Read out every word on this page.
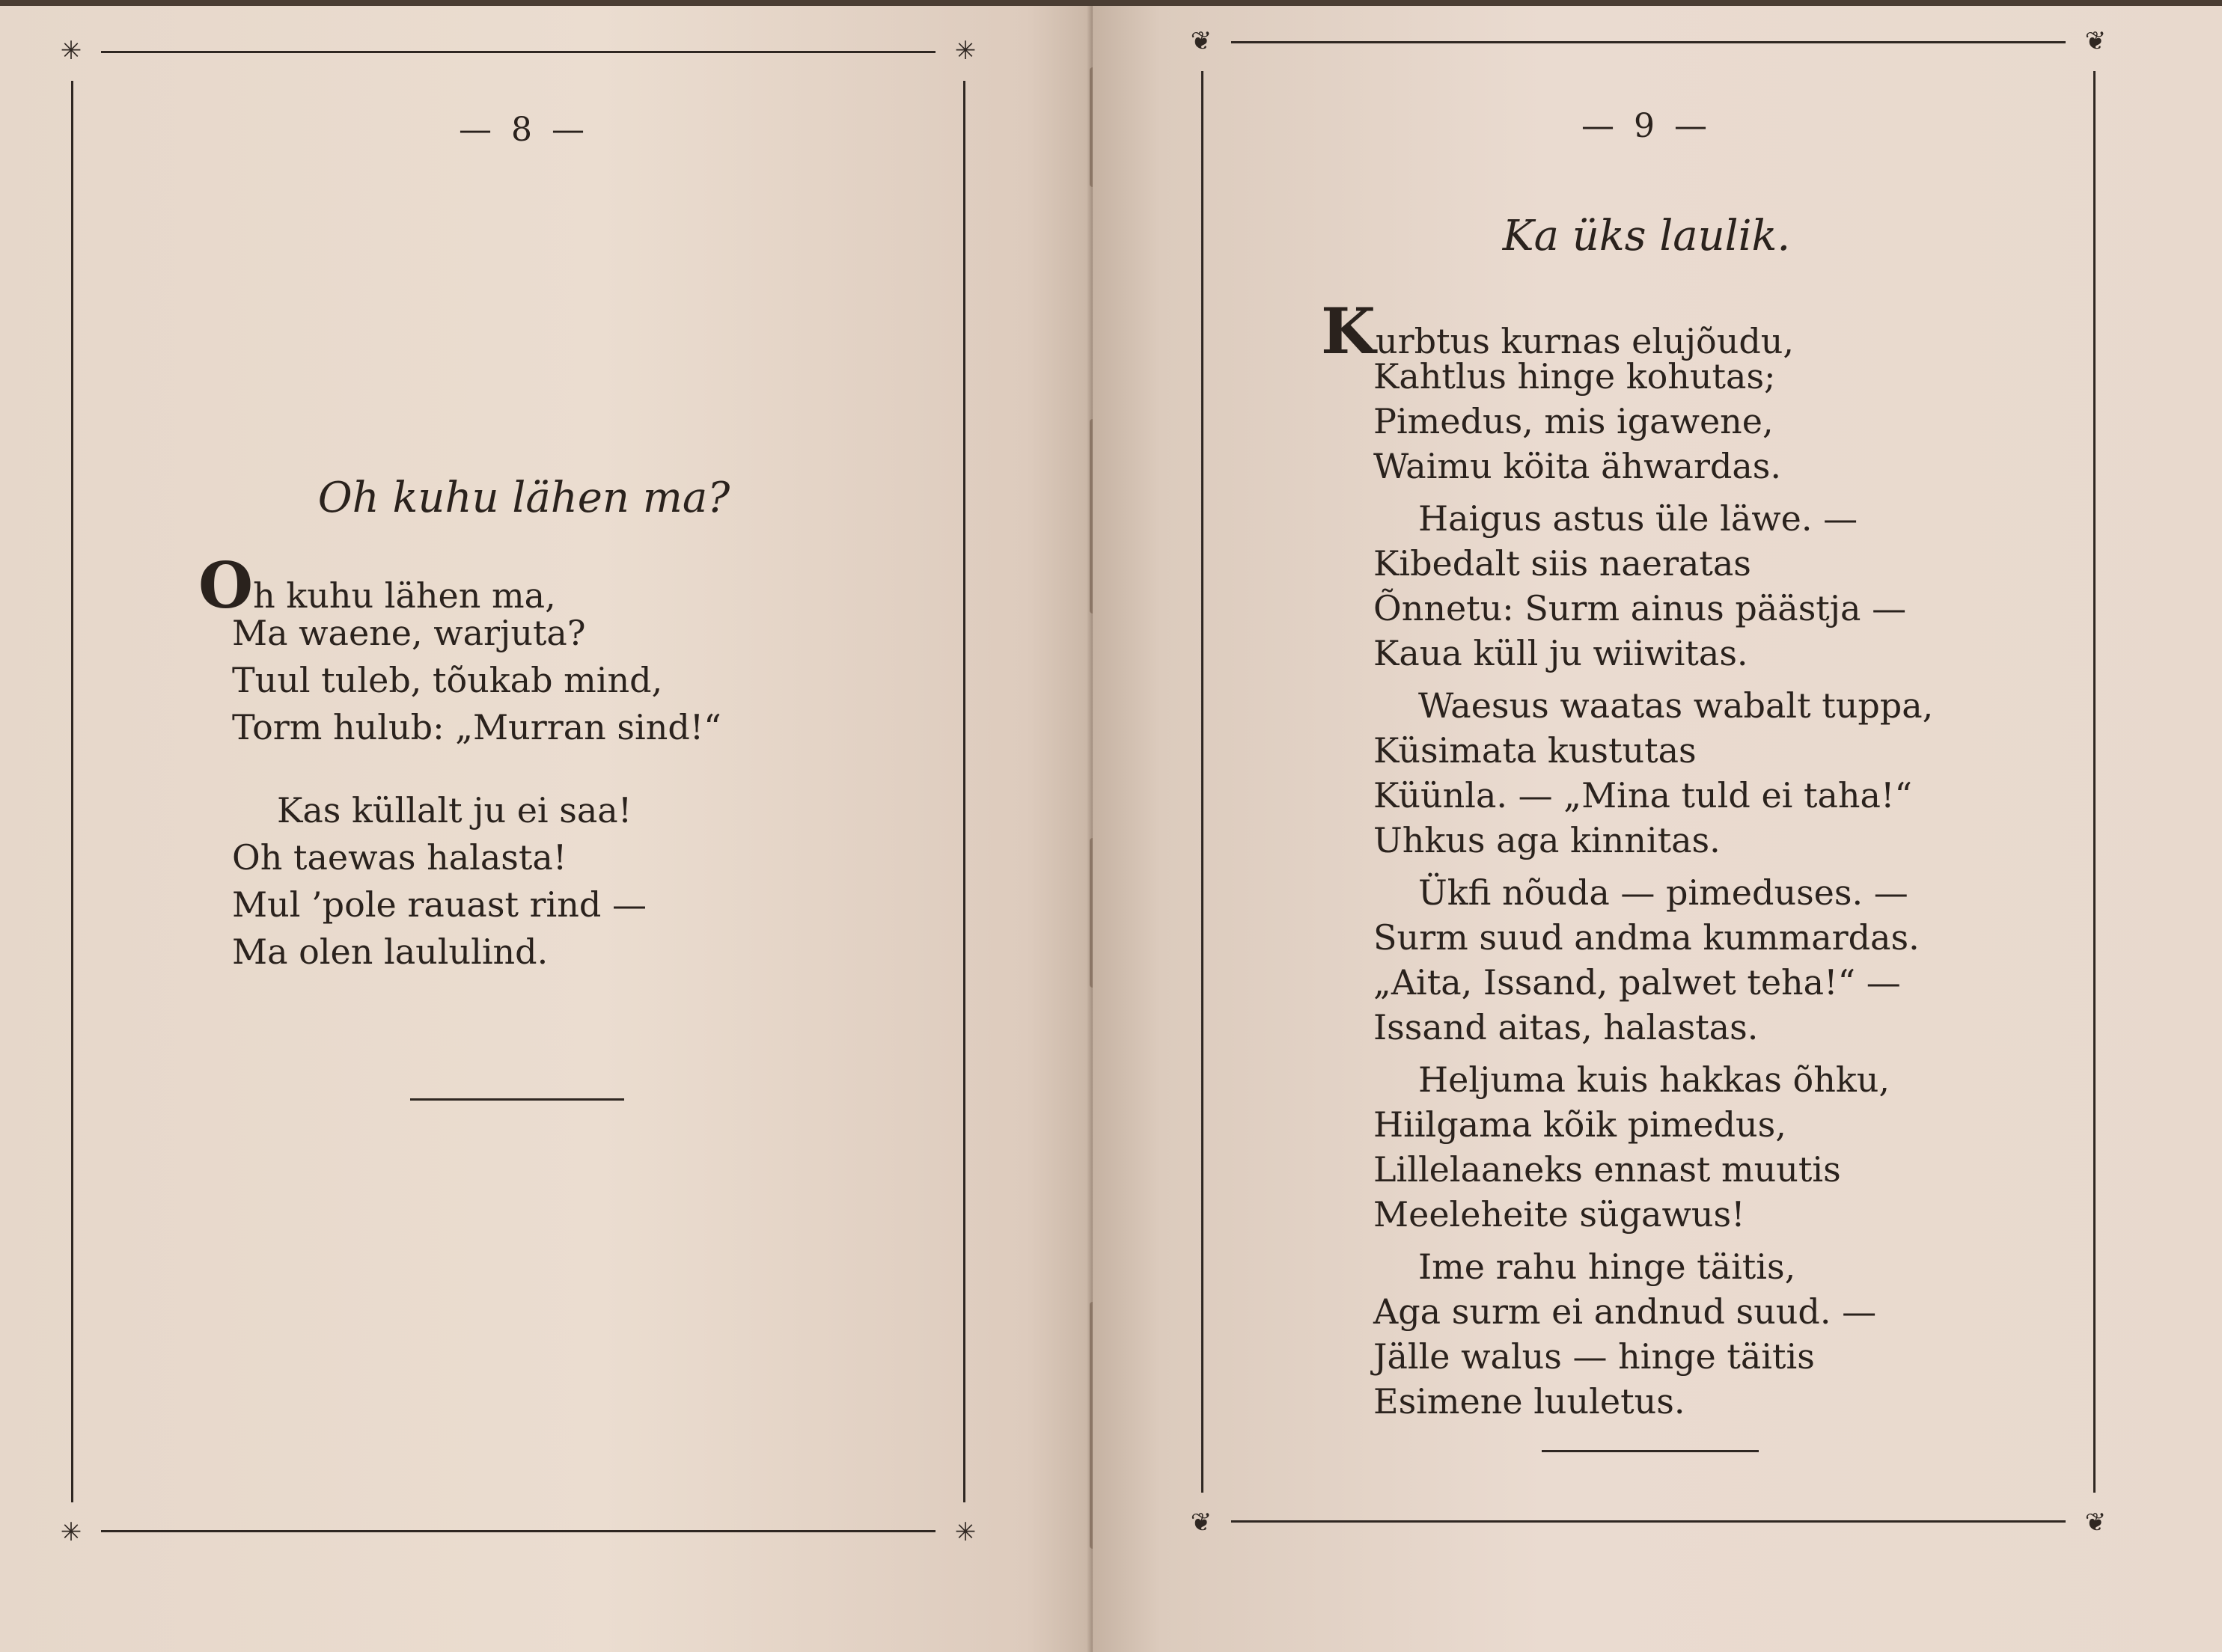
✳	✳
✳	✳
— 8 —
Oh kuhu lähen ma?
Oh kuhu lähen ma,
Ma waene, warjuta?
Tuul tuleb, tõukab mind,
Torm hulub: „Murran sind!“
Kas küllalt ju ei saa!
Oh taewas halasta!
Mul ’pole rauast rind —
Ma olen laululind.
❦	❦
❦	❦
— 9 —
Ka üks laulik.
Kurbtus kurnas elujõudu,
Kahtlus hinge kohutas;
Pimedus, mis igawene,
Waimu köita ähwardas.
Haigus astus üle läwe. —
Kibedalt siis naeratas
Õnnetu: Surm ainus päästja —
Kaua küll ju wiiwitas.
Waesus waatas wabalt tuppa,
Küsimata kustutas
Küünla. — „Mina tuld ei taha!“
Uhkus aga kinnitas.
Ükfi nõuda — pimeduses. —
Surm suud andma kummardas.
„Aita, Issand, palwet teha!“ —
Issand aitas, halastas.
Heljuma kuis hakkas õhku,
Hiilgama kõik pimedus,
Lillelaaneks ennast muutis
Meeleheite sügawus!
Ime rahu hinge täitis,
Aga surm ei andnud suud. —
Jälle walus — hinge täitis
Esimene luuletus.
